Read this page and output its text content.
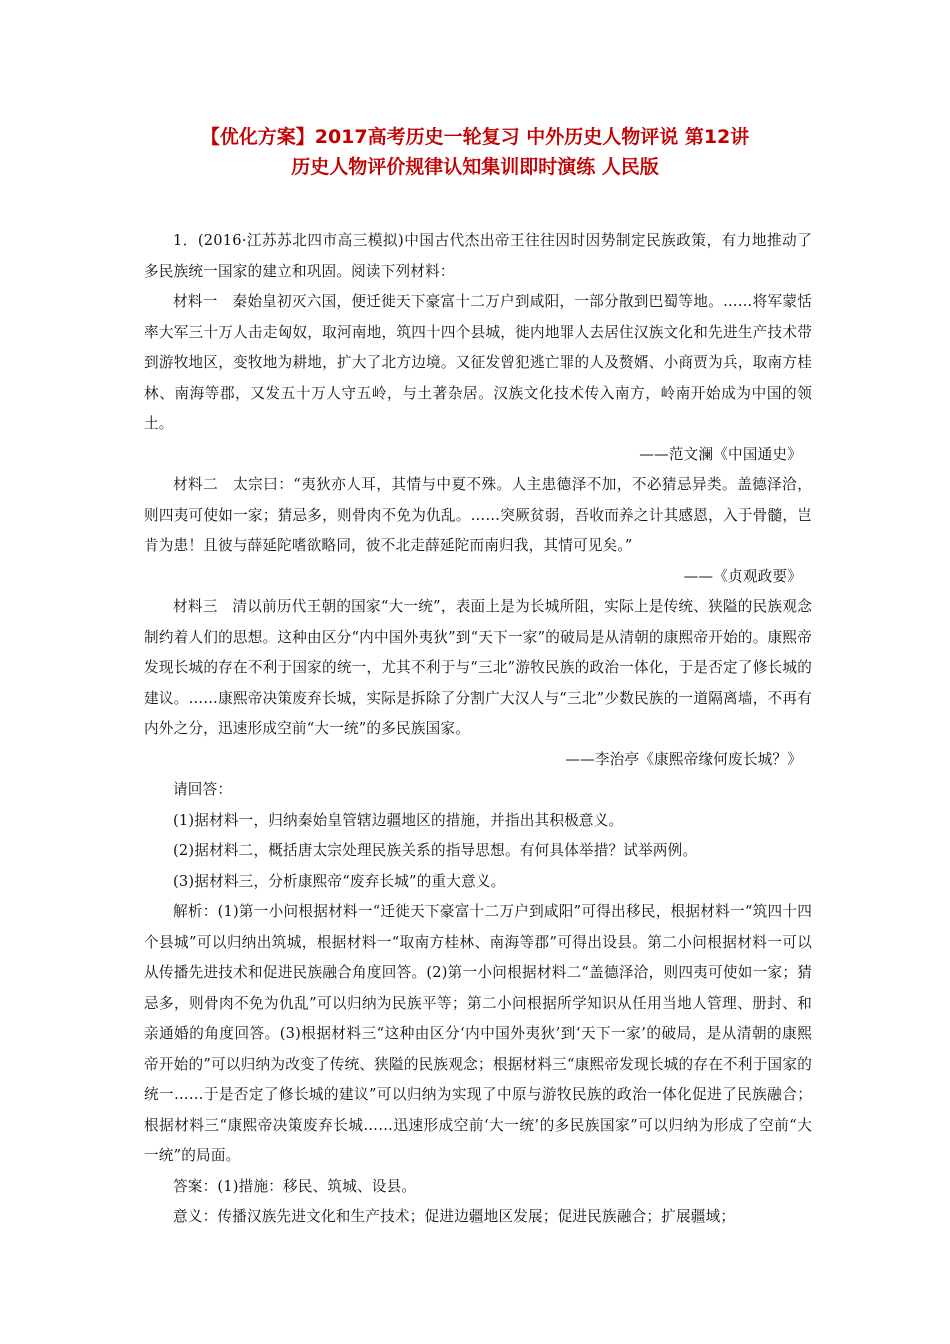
【优化方案】2017高考历史一轮复习 中外历史人物评说 第12讲
历史人物评价规律认知集训即时演练 人民版

1．(2016·江苏苏北四市高三模拟)中国古代杰出帝王往往因时因势制定民族政策，有力地推动了多民族统一国家的建立和巩固。阅读下列材料：

材料一　秦始皇初灭六国，便迁徙天下豪富十二万户到咸阳，一部分散到巴蜀等地。……将军蒙恬率大军三十万人击走匈奴，取河南地，筑四十四个县城，徙内地罪人去居住汉族文化和先进生产技术带到游牧地区，变牧地为耕地，扩大了北方边境。又征发曾犯逃亡罪的人及赘婿、小商贾为兵，取南方桂林、南海等郡，又发五十万人守五岭，与土著杂居。汉族文化技术传入南方，岭南开始成为中国的领土。

——范文澜《中国通史》

材料二　太宗曰：“夷狄亦人耳，其情与中夏不殊。人主患德泽不加，不必猜忌异类。盖德泽洽，则四夷可使如一家；猜忌多，则骨肉不免为仇乱。……突厥贫弱，吾收而养之计其感恩，入于骨髓，岂肯为患！且彼与薛延陀嗜欲略同，彼不北走薛延陀而南归我，其情可见矣。”

——《贞观政要》

材料三　清以前历代王朝的国家“大一统”，表面上是为长城所阻，实际上是传统、狭隘的民族观念制约着人们的思想。这种由区分“内中国外夷狄”到“天下一家”的破局是从清朝的康熙帝开始的。康熙帝发现长城的存在不利于国家的统一，尤其不利于与“三北”游牧民族的政治一体化，于是否定了修长城的建议。……康熙帝决策废弃长城，实际是拆除了分割广大汉人与“三北”少数民族的一道隔离墙，不再有内外之分，迅速形成空前“大一统”的多民族国家。

——李治亭《康熙帝缘何废长城？》

请回答：

(1)据材料一，归纳秦始皇管辖边疆地区的措施，并指出其积极意义。

(2)据材料二，概括唐太宗处理民族关系的指导思想。有何具体举措？试举两例。

(3)据材料三，分析康熙帝“废弃长城”的重大意义。

解析：(1)第一小问根据材料一“迁徙天下豪富十二万户到咸阳”可得出移民，根据材料一“筑四十四个县城”可以归纳出筑城，根据材料一“取南方桂林、南海等郡”可得出设县。第二小问根据材料一可以从传播先进技术和促进民族融合角度回答。(2)第一小问根据材料二“盖德泽洽，则四夷可使如一家；猜忌多，则骨肉不免为仇乱”可以归纳为民族平等；第二小问根据所学知识从任用当地人管理、册封、和亲通婚的角度回答。(3)根据材料三“这种由区分‘内中国外夷狄’到‘天下一家’的破局，是从清朝的康熙帝开始的”可以归纳为改变了传统、狭隘的民族观念；根据材料三“康熙帝发现长城的存在不利于国家的统一……于是否定了修长城的建议”可以归纳为实现了中原与游牧民族的政治一体化促进了民族融合；根据材料三“康熙帝决策废弃长城……迅速形成空前‘大一统’的多民族国家”可以归纳为形成了空前“大一统”的局面。

答案：(1)措施：移民、筑城、设县。

意义：传播汉族先进文化和生产技术；促进边疆地区发展；促进民族融合；扩展疆域；
